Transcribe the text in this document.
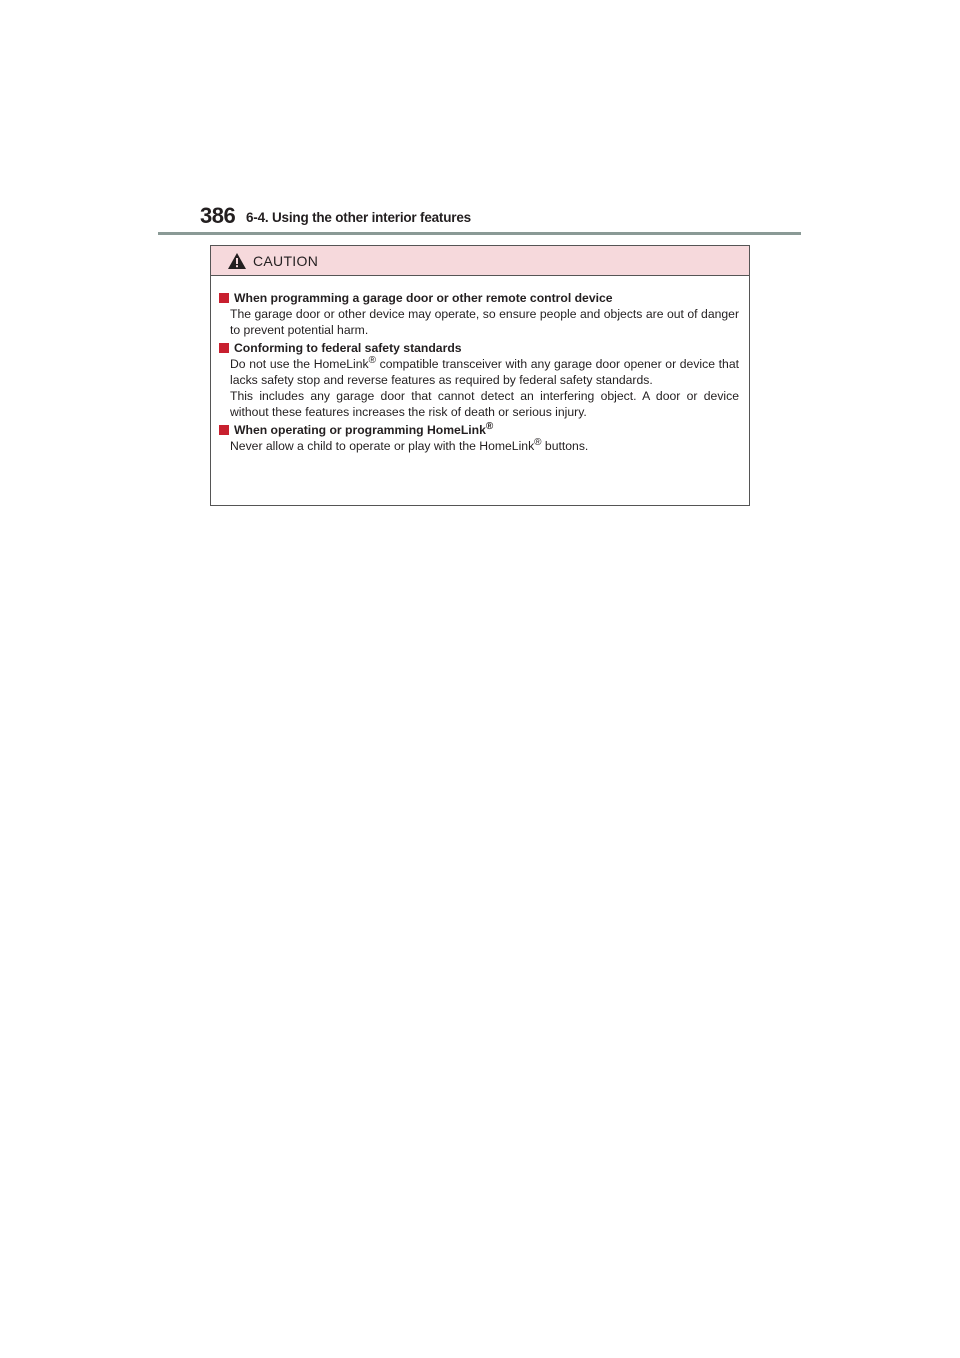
386 6-4. Using the other interior features
CAUTION
When programming a garage door or other remote control device
The garage door or other device may operate, so ensure people and objects are out of danger to prevent potential harm.
Conforming to federal safety standards
Do not use the HomeLink® compatible transceiver with any garage door opener or device that lacks safety stop and reverse features as required by federal safety standards.
This includes any garage door that cannot detect an interfering object. A door or device without these features increases the risk of death or serious injury.
When operating or programming HomeLink®
Never allow a child to operate or play with the HomeLink® buttons.
